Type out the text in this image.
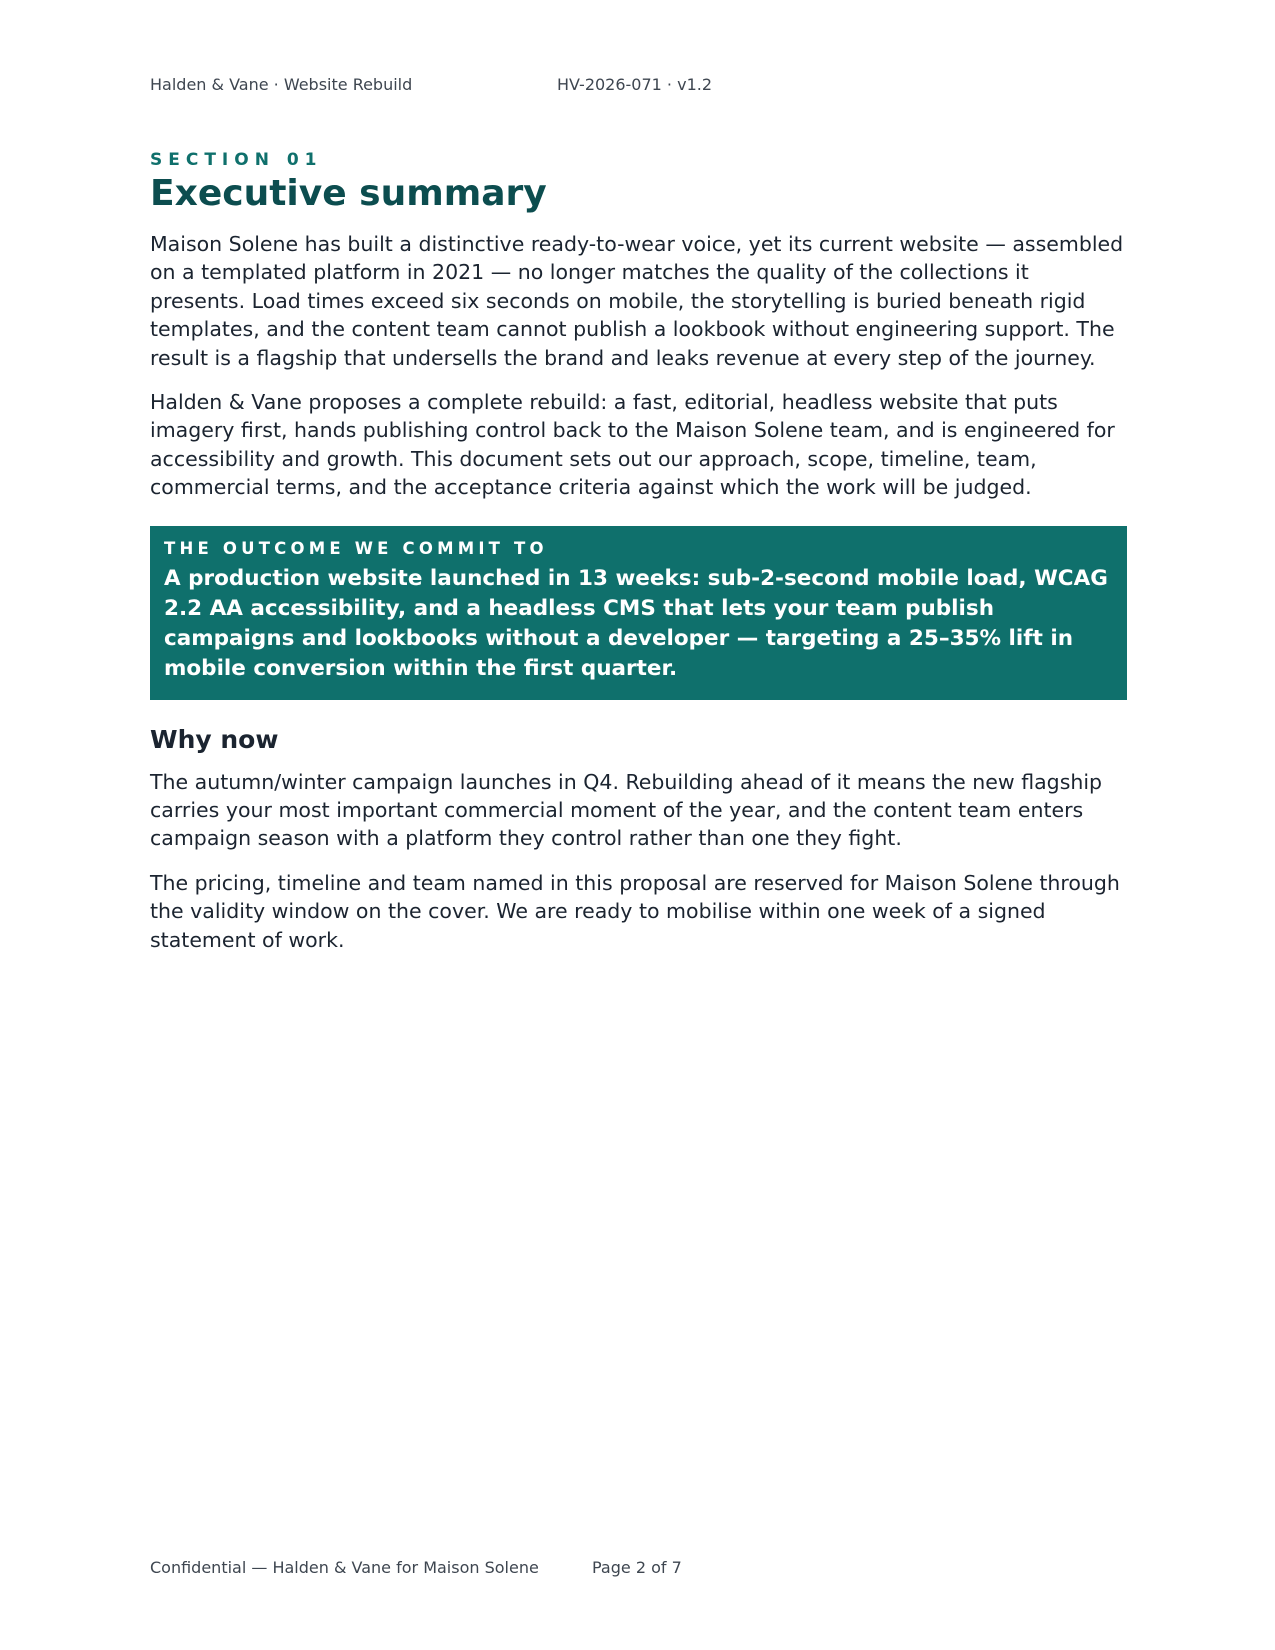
Halden & Vane · Website Rebuild	HV-2026-071 · v1.2
SECTION 01
Executive summary

Maison Solene has built a distinctive ready-to-wear voice, yet its current website — assembled on a templated platform in 2021 — no longer matches the quality of the collections it presents. Load times exceed six seconds on mobile, the storytelling is buried beneath rigid templates, and the content team cannot publish a lookbook without engineering support. The result is a flagship that undersells the brand and leaks revenue at every step of the journey.

Halden & Vane proposes a complete rebuild: a fast, editorial, headless website that puts imagery first, hands publishing control back to the Maison Solene team, and is engineered for accessibility and growth. This document sets out our approach, scope, timeline, team, commercial terms, and the acceptance criteria against which the work will be judged.

THE OUTCOME WE COMMIT TO
A production website launched in 13 weeks: sub-2-second mobile load, WCAG 2.2 AA accessibility, and a headless CMS that lets your team publish campaigns and lookbooks without a developer — targeting a 25–35% lift in mobile conversion within the first quarter.
Why now

The autumn/winter campaign launches in Q4. Rebuilding ahead of it means the new flagship carries your most important commercial moment of the year, and the content team enters campaign season with a platform they control rather than one they fight.

The pricing, timeline and team named in this proposal are reserved for Maison Solene through the validity window on the cover. We are ready to mobilise within one week of a signed statement of work.

Confidential — Halden & Vane for Maison Solene	Page 2 of 7
